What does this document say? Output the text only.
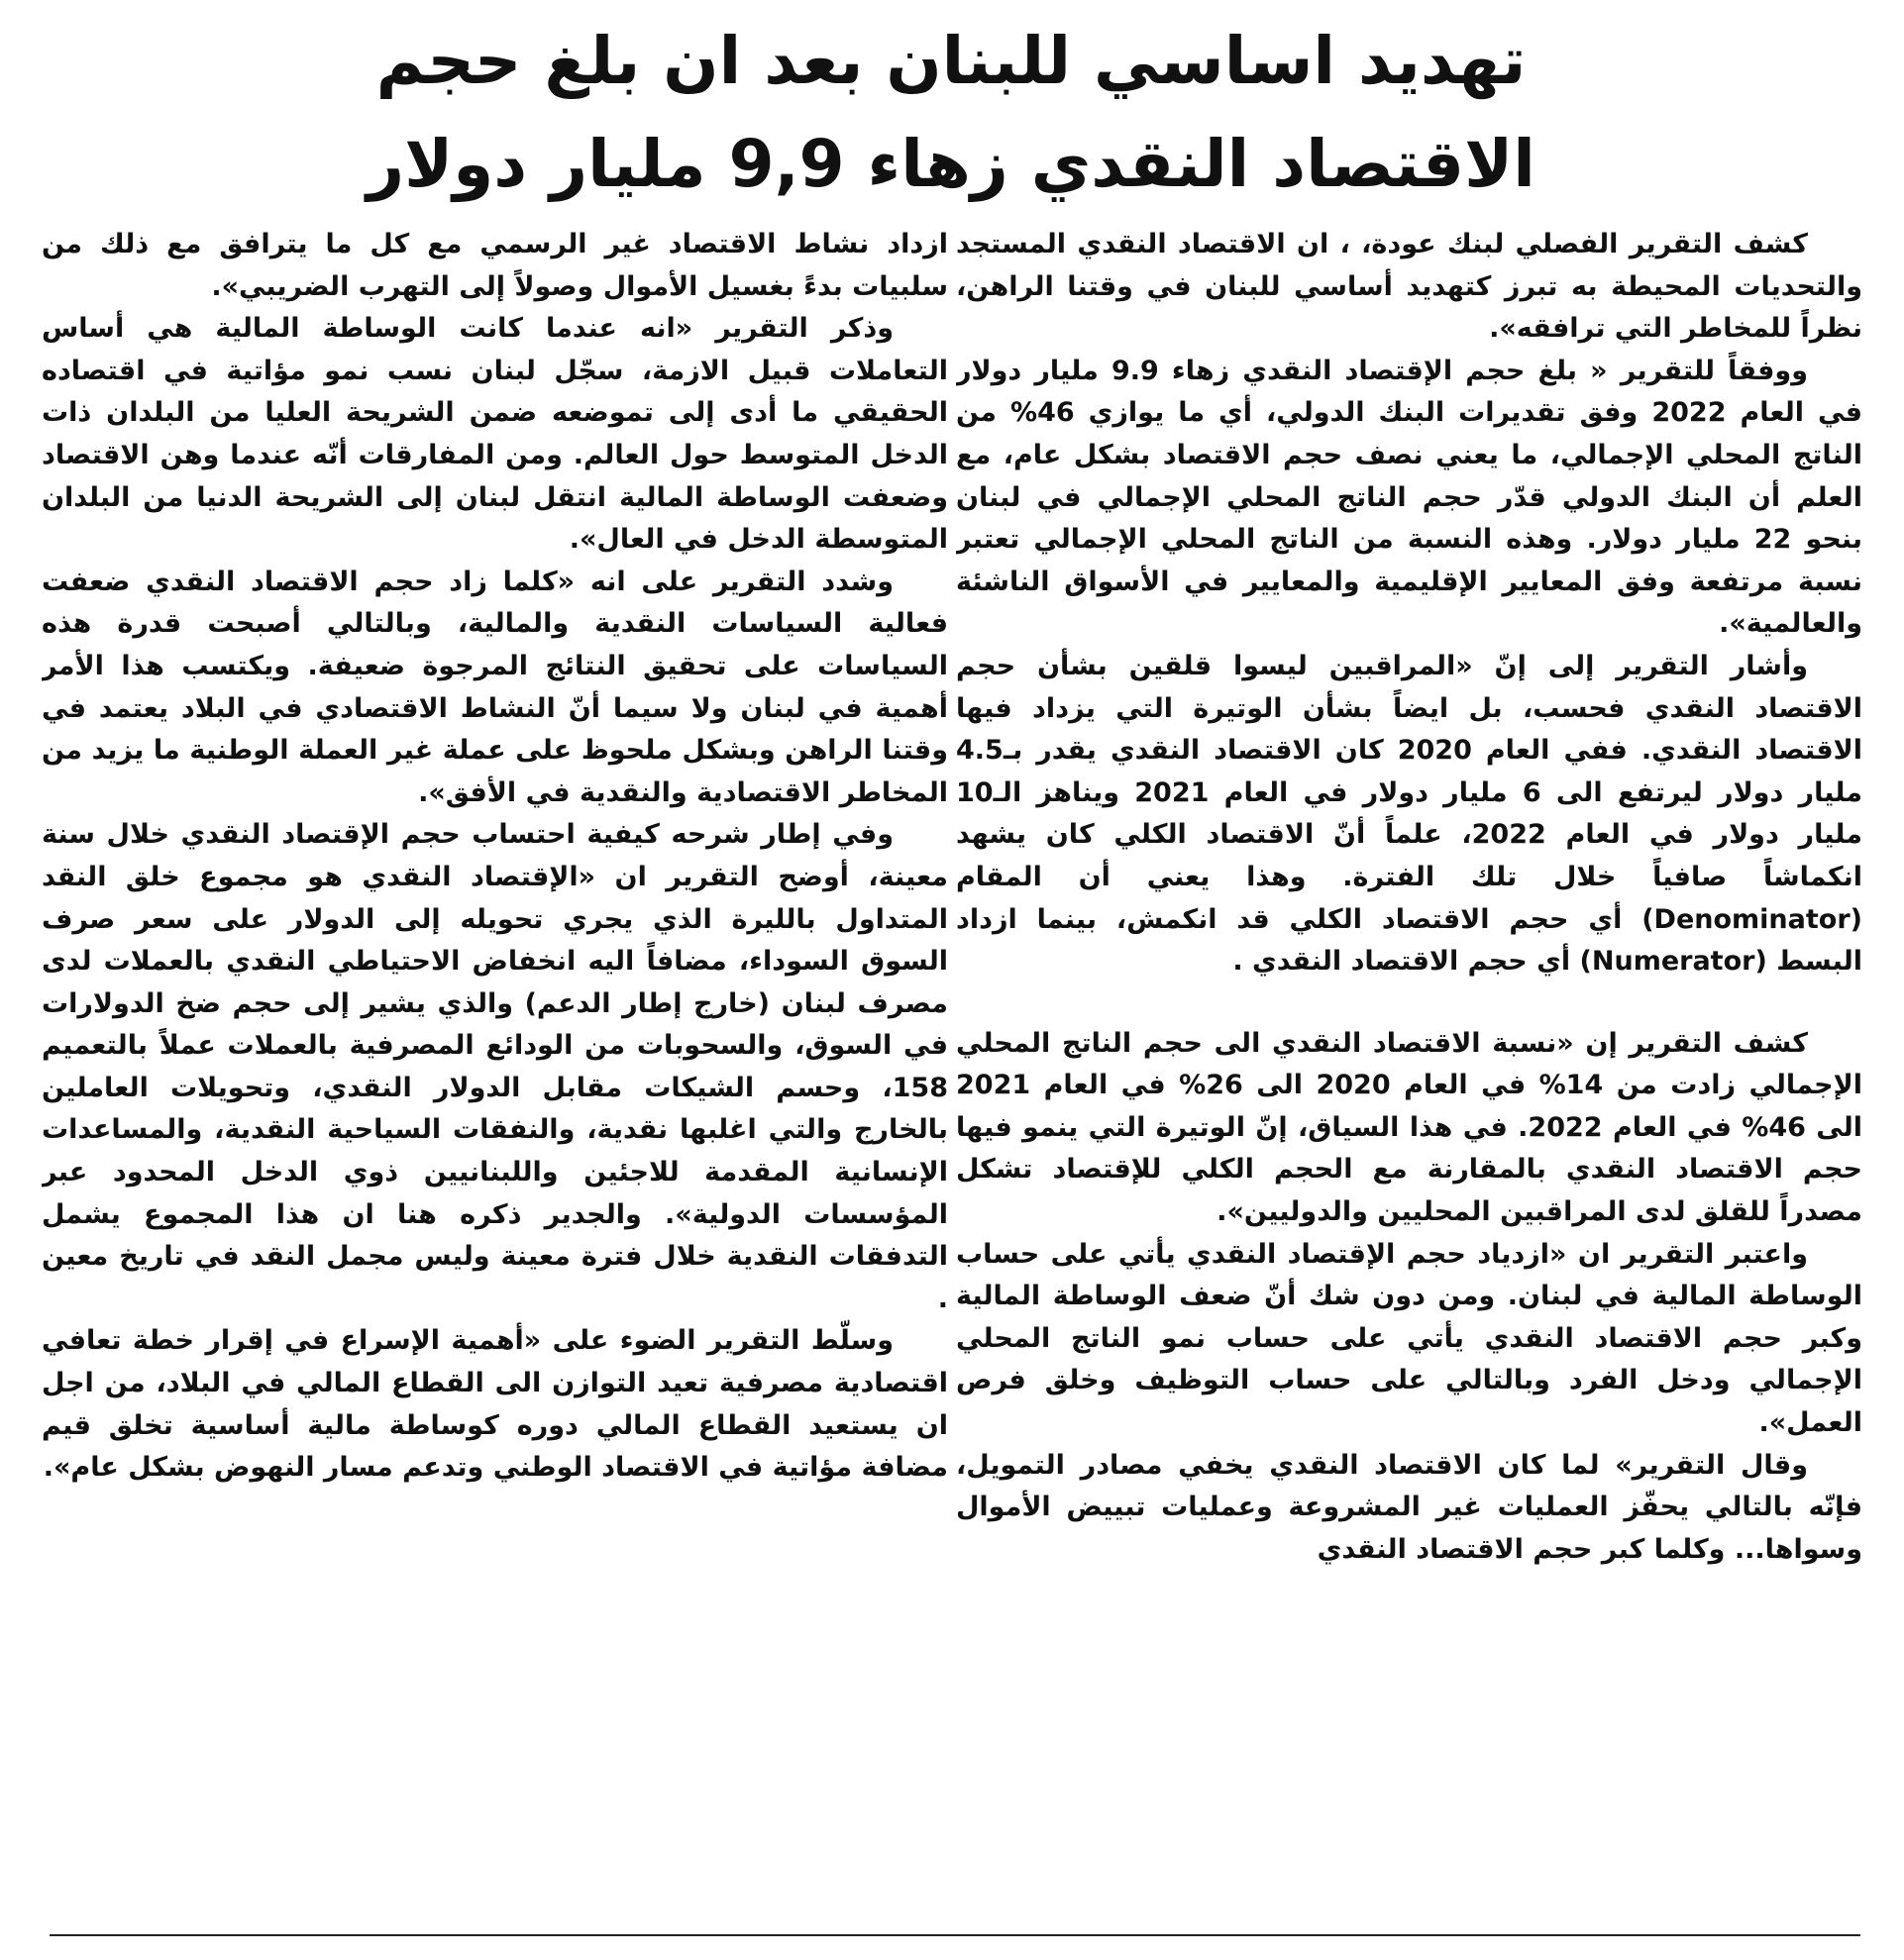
تهديد اساسي للبنان بعد ان بلغ حجم
الاقتصاد النقدي زهاء 9,9 مليار دولار

كشف التقرير الفصلي لبنك عودة، ، ان الاقتصاد النقدي المستجد والتحديات المحيطة به تبرز كتهديد أساسي للبنان في وقتنا الراهن، نظراً للمخاطر التي ترافقه».

ووفقاً للتقرير « بلغ حجم الإقتصاد النقدي زهاء 9.9 مليار دولار في العام 2022 وفق تقديرات البنك الدولي، أي ما يوازي 46% من الناتج المحلي الإجمالي، ما يعني نصف حجم الاقتصاد بشكل عام، مع العلم أن البنك الدولي قدّر حجم الناتج المحلي الإجمالي في لبنان بنحو 22 مليار دولار. وهذه النسبة من الناتج المحلي الإجمالي تعتبر نسبة مرتفعة وفق المعايير الإقليمية والمعايير في الأسواق الناشئة والعالمية».

وأشار التقرير إلى إنّ «المراقبين ليسوا قلقين بشأن حجم الاقتصاد النقدي فحسب، بل ايضاً بشأن الوتيرة التي يزداد فيها الاقتصاد النقدي. ففي العام 2020 كان الاقتصاد النقدي يقدر بـ4.5 مليار دولار ليرتفع الى 6 مليار دولار في العام 2021 ويناهز الـ10 مليار دولار في العام 2022، علماً أنّ الاقتصاد الكلي كان يشهد انكماشاً صافياً خلال تلك الفترة. وهذا يعني أن المقام (Denominator) أي حجم الاقتصاد الكلي قد انكمش، بينما ازداد البسط (Numerator) أي حجم الاقتصاد النقدي .

كشف التقرير إن «نسبة الاقتصاد النقدي الى حجم الناتج المحلي الإجمالي زادت من 14% في العام 2020 الى 26% في العام 2021 الى 46% في العام 2022. في هذا السياق، إنّ الوتيرة التي ينمو فيها حجم الاقتصاد النقدي بالمقارنة مع الحجم الكلي للإقتصاد تشكل مصدراً للقلق لدى المراقبين المحليين والدوليين».

واعتبر التقرير ان «ازدياد حجم الإقتصاد النقدي يأتي على حساب الوساطة المالية في لبنان. ومن دون شك أنّ ضعف الوساطة المالية وكبر حجم الاقتصاد النقدي يأتي على حساب نمو الناتج المحلي الإجمالي ودخل الفرد وبالتالي على حساب التوظيف وخلق فرص العمل».

وقال التقرير» لما كان الاقتصاد النقدي يخفي مصادر التمويل، فإنّه بالتالي يحفّز العمليات غير المشروعة وعمليات تبييض الأموال وسواها... وكلما كبر حجم الاقتصاد النقدي

ازداد نشاط الاقتصاد غير الرسمي مع كل ما يترافق مع ذلك من سلبيات بدءً بغسيل الأموال وصولاً إلى التهرب الضريبي».

وذكر التقرير «انه عندما كانت الوساطة المالية هي أساس التعاملات قبيل الازمة، سجّل لبنان نسب نمو مؤاتية في اقتصاده الحقيقي ما أدى إلى تموضعه ضمن الشريحة العليا من البلدان ذات الدخل المتوسط حول العالم. ومن المفارقات أنّه عندما وهن الاقتصاد وضعفت الوساطة المالية انتقل لبنان إلى الشريحة الدنيا من البلدان المتوسطة الدخل في العال».

وشدد التقرير على انه «كلما زاد حجم الاقتصاد النقدي ضعفت فعالية السياسات النقدية والمالية، وبالتالي أصبحت قدرة هذه السياسات على تحقيق النتائج المرجوة ضعيفة. ويكتسب هذا الأمر أهمية في لبنان ولا سيما أنّ النشاط الاقتصادي في البلاد يعتمد في وقتنا الراهن وبشكل ملحوظ على عملة غير العملة الوطنية ما يزيد من المخاطر الاقتصادية والنقدية في الأفق».

وفي إطار شرحه كيفية احتساب حجم الإقتصاد النقدي خلال سنة معينة، أوضح التقرير ان «الإقتصاد النقدي هو مجموع خلق النقد المتداول بالليرة الذي يجري تحويله إلى الدولار على سعر صرف السوق السوداء، مضافاً اليه انخفاض الاحتياطي النقدي بالعملات لدى مصرف لبنان (خارج إطار الدعم) والذي يشير إلى حجم ضخ الدولارات في السوق، والسحوبات من الودائع المصرفية بالعملات عملاً بالتعميم 158، وحسم الشيكات مقابل الدولار النقدي، وتحويلات العاملين بالخارج والتي اغلبها نقدية، والنفقات السياحية النقدية، والمساعدات الإنسانية المقدمة للاجئين واللبنانيين ذوي الدخل المحدود عبر المؤسسات الدولية». والجدير ذكره هنا ان هذا المجموع يشمل التدفقات النقدية خلال فترة معينة وليس مجمل النقد في تاريخ معين .

وسلّط التقرير الضوء على «أهمية الإسراع في إقرار خطة تعافي اقتصادية مصرفية تعيد التوازن الى القطاع المالي في البلاد، من اجل ان يستعيد القطاع المالي دوره كوساطة مالية أساسية تخلق قيم مضافة مؤاتية في الاقتصاد الوطني وتدعم مسار النهوض بشكل عام».
